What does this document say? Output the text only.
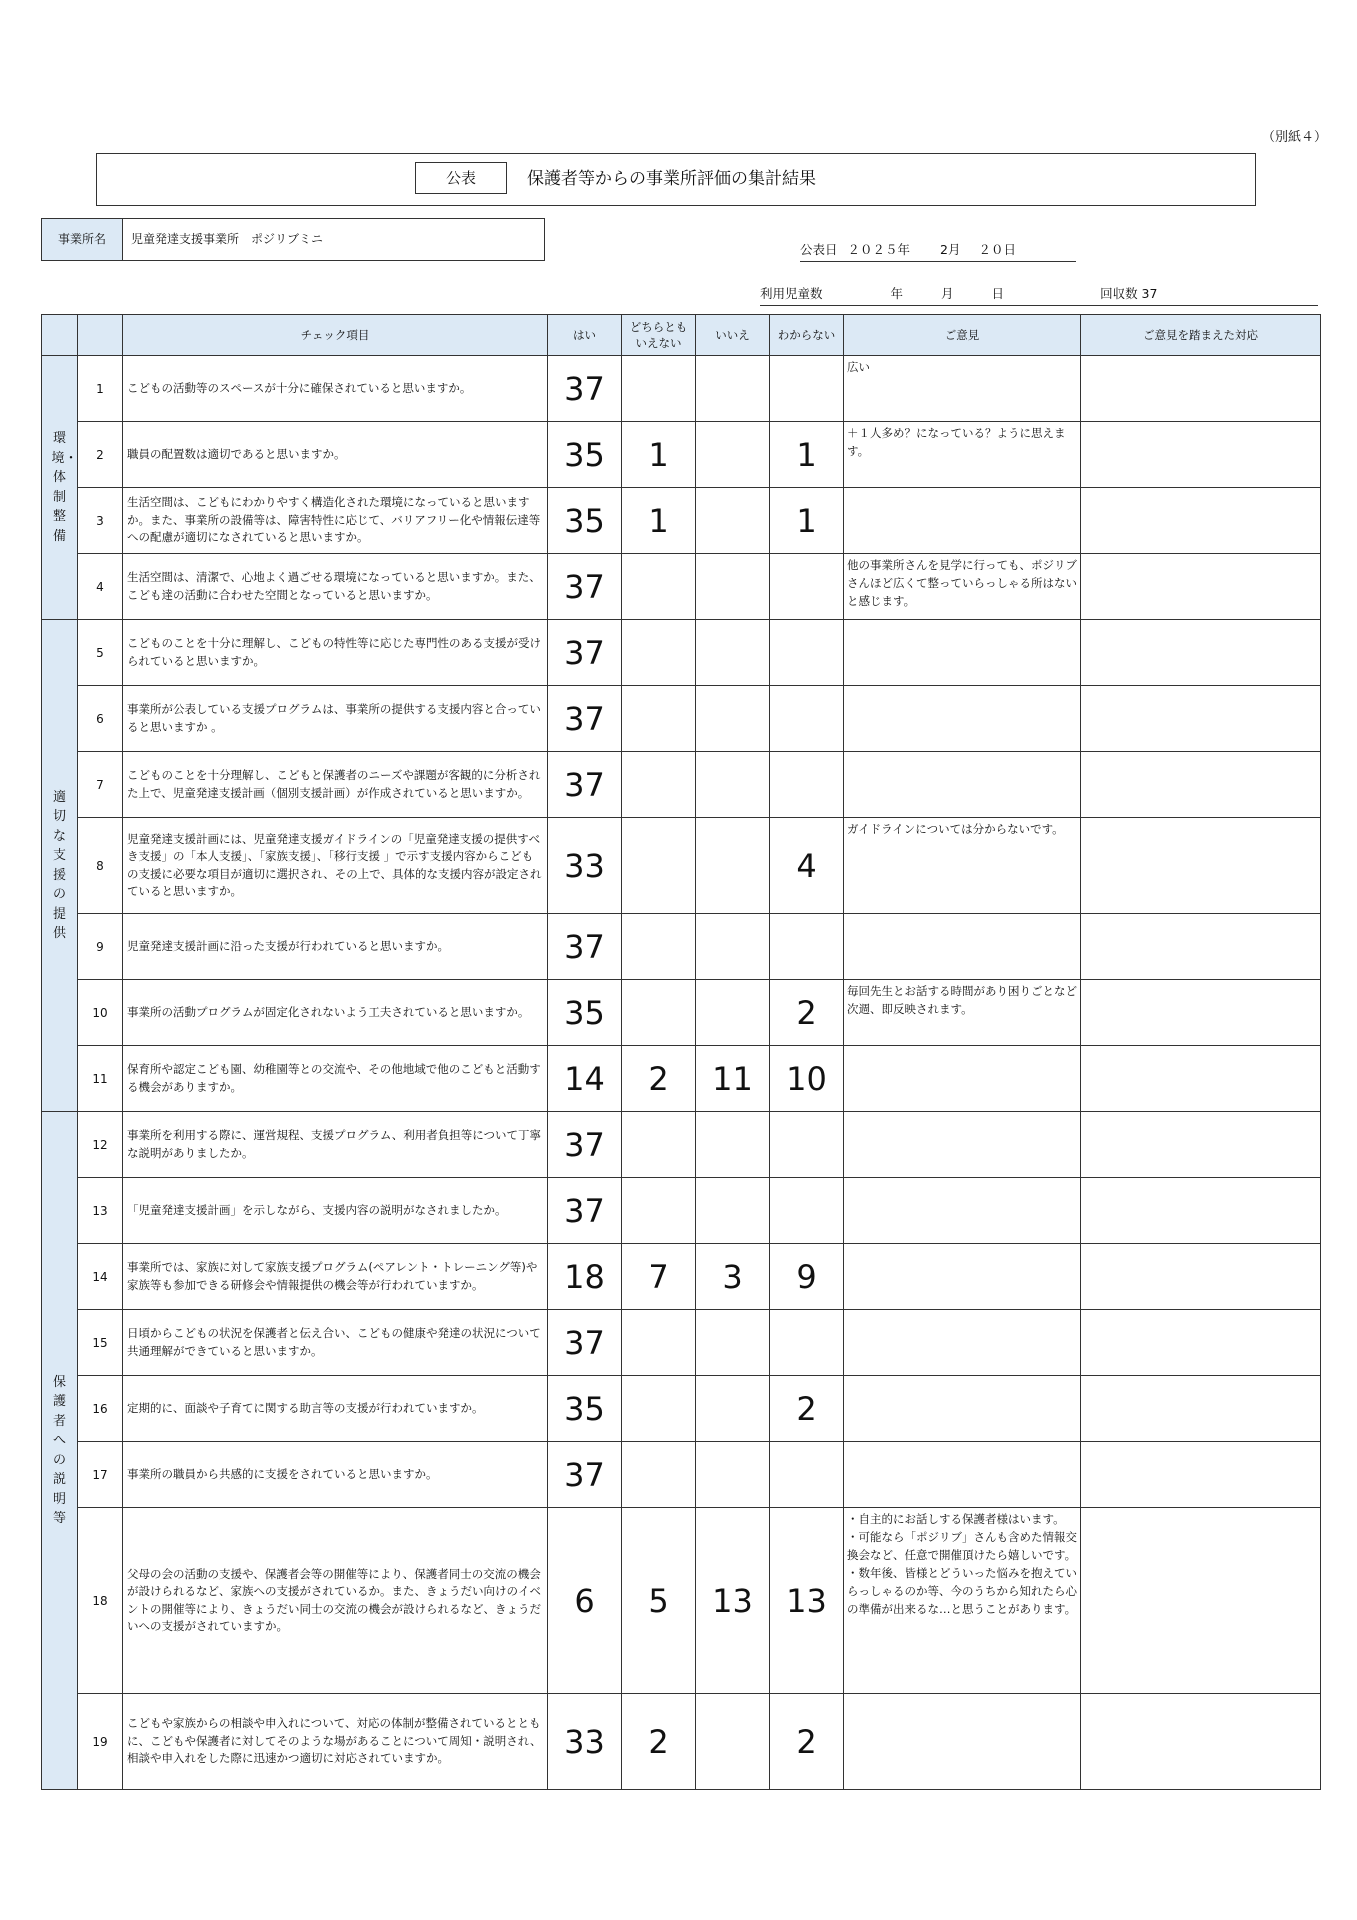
（別紙４）
公表	保護者等からの事業所評価の集計結果
事業所名	児童発達支援事業所　ポジリブミニ
公表日 ２０２５年 2月 ２０日
利用児童数	年	月	日	回収数 37
		チェック項目	はい	どちらとも
いえない	いいえ	わからない	ご意見	ご意見を踏まえた対応
環境・体制整備	1	こどもの活動等のスペースが十分に確保されていると思いますか。	37				広い	
	2	職員の配置数は適切であると思いますか。	35	1		1	＋１人多め？になっている？ように思えます。	
	3	生活空間は、こどもにわかりやすく構造化された環境になっていると思いますか。また、事業所の設備等は、障害特性に応じて、バリアフリー化や情報伝達等への配慮が適切になされていると思いますか。	35	1		1		
	4	生活空間は、清潔で、心地よく過ごせる環境になっていると思いますか。また、こども達の活動に合わせた空間となっていると思いますか。	37				他の事業所さんを見学に行っても、ポジリブさんほど広くて整っていらっしゃる所はないと感じます。	
適切な支援の提供	5	こどものことを十分に理解し、こどもの特性等に応じた専門性のある支援が受けられていると思いますか。	37					
	6	事業所が公表している支援プログラムは、事業所の提供する支援内容と合っていると思いますか 。	37					
	7	こどものことを十分理解し、こどもと保護者のニーズや課題が客観的に分析された上で、児童発達支援計画（個別支援計画）が作成されていると思いますか。	37					
	8	児童発達支援計画には、児童発達支援ガイドラインの「児童発達支援の提供すべき支援」の「本人支援」、「家族支援」、「移行支援 」で示す支援内容からこどもの支援に必要な項目が適切に選択され、その上で、具体的な支援内容が設定されていると思いますか。	33			4	ガイドラインについては分からないです。	
	9	児童発達支援計画に沿った支援が行われていると思いますか。	37					
	10	事業所の活動プログラムが固定化されないよう工夫されていると思いますか。	35			2	毎回先生とお話する時間があり困りごとなど次週、即反映されます。	
	11	保育所や認定こども園、幼稚園等との交流や、その他地域で他のこどもと活動する機会がありますか。	14	2	11	10		
保護者への説明等	12	事業所を利用する際に、運営規程、支援プログラム、利用者負担等について丁寧な説明がありましたか。	37					
	13	「児童発達支援計画」を示しながら、支援内容の説明がなされましたか。	37					
	14	事業所では、家族に対して家族支援プログラム(ペアレント・トレーニング等)や家族等も参加できる研修会や情報提供の機会等が行われていますか。	18	7	3	9		
	15	日頃からこどもの状況を保護者と伝え合い、こどもの健康や発達の状況について共通理解ができていると思いますか。	37					
	16	定期的に、面談や子育てに関する助言等の支援が行われていますか。	35			2		
	17	事業所の職員から共感的に支援をされていると思いますか。	37					
	18	父母の会の活動の支援や、保護者会等の開催等により、保護者同士の交流の機会が設けられるなど、家族への支援がされているか。また、きょうだい向けのイベントの開催等により、きょうだい同士の交流の機会が設けられるなど、きょうだいへの支援がされていますか。	6	5	13	13	・自主的にお話しする保護者様はいます。
・可能なら「ポジリブ」さんも含めた情報交換会など、任意で開催頂けたら嬉しいです。
・数年後、皆様とどういった悩みを抱えていらっしゃるのか等、今のうちから知れたら心の準備が出来るな…と思うことがあります。	
	19	こどもや家族からの相談や申入れについて、対応の体制が整備されているとともに、こどもや保護者に対してそのような場があることについて周知・説明され、相談や申入れをした際に迅速かつ適切に対応されていますか。	33	2		2		
